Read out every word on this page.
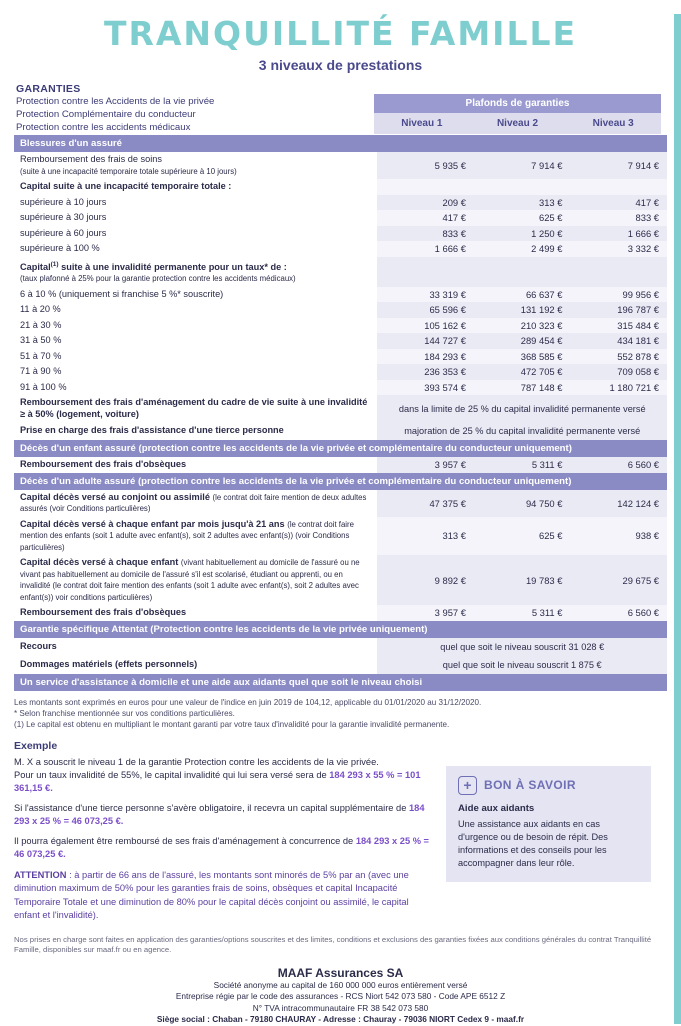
TRANQUILLITÉ FAMILLE
3 niveaux de prestations
GARANTIES
Protection contre les Accidents de la vie privée
Protection Complémentaire du conducteur
Protection contre les accidents médicaux
Plafonds de garanties
Niveau 1	Niveau 2	Niveau 3
Blessures d'un assuré			
Remboursement des frais de soins
(suite à une incapacité temporaire totale supérieure à 10 jours)	5 935 €	7 914 €	7 914 €
Capital suite à une incapacité temporaire totale :			
supérieure à 10 jours	209 €	313 €	417 €
supérieure à 30 jours	417 €	625 €	833 €
supérieure à 60 jours	833 €	1 250 €	1 666 €
supérieure à 100 %	1 666 €	2 499 €	3 332 €
Capital$^{(1)}$ suite à une invalidité permanente pour un taux* de :
(taux plafonné à 25% pour la garantie protection contre les accidents médicaux)			
6 à 10 % (uniquement si franchise 5 %* souscrite)	33 319 €	66 637 €	99 956 €
11 à 20 %	65 596 €	131 192 €	196 787 €
21 à 30 %	105 162 €	210 323 €	315 484 €
31 à 50 %	144 727 €	289 454 €	434 181 €
51 à 70 %	184 293 €	368 585 €	552 878 €
71 à 90 %	236 353 €	472 705 €	709 058 €
91 à 100 %	393 574 €	787 148 €	1 180 721 €
Remboursement des frais d'aménagement du cadre de vie suite à une invalidité ≥ à 50% (logement, voiture)	dans la limite de 25 % du capital invalidité permanente versé		
Prise en charge des frais d'assistance d'une tierce personne	majoration de 25 % du capital invalidité permanente versé		
Décès d'un enfant assuré (protection contre les accidents de la vie privée et complémentaire du conducteur uniquement)			
Remboursement des frais d'obsèques	3 957 €	5 311 €	6 560 €
Décès d'un adulte assuré (protection contre les accidents de la vie privée et complémentaire du conducteur uniquement)			
Capital décès versé au conjoint ou assimilé (le contrat doit faire mention de deux adultes assurés (voir Conditions particulières)	47 375 €	94 750 €	142 124 €
Capital décès versé à chaque enfant par mois jusqu'à 21 ans (le contrat doit faire mention des enfants (soit 1 adulte avec enfant(s), soit 2 adultes avec enfant(s)) (voir Conditions particulières)	313 €	625 €	938 €
Capital décès versé à chaque enfant (vivant habituellement au domicile de l'assuré ou ne vivant pas habituellement au domicile de l'assuré s'il est scolarisé, étudiant ou apprenti, ou en invalidité (le contrat doit faire mention des enfants (soit 1 adulte avec enfant(s), soit 2 adultes avec enfant(s)) voir conditions particulières)	9 892 €	19 783 €	29 675 €
Remboursement des frais d'obsèques	3 957 €	5 311 €	6 560 €
Garantie spécifique Attentat (Protection contre les accidents de la vie privée uniquement)			
Recours	quel que soit le niveau souscrit 31 028 €		
Dommages matériels (effets personnels)	quel que soit le niveau souscrit 1 875 €		
Un service d'assistance à domicile et une aide aux aidants quel que soit le niveau choisi			
Les montants sont exprimés en euros pour une valeur de l'indice en juin 2019 de 104,12, applicable du 01/01/2020 au 31/12/2020.
* Selon franchise mentionnée sur vos conditions particulières.
(1) Le capital est obtenu en multipliant le montant garanti par votre taux d'invalidité pour la garantie invalidité permanente.
Exemple
M. X a souscrit le niveau 1 de la garantie Protection contre les accidents de la vie privée.
Pour un taux invalidité de 55%, le capital invalidité qui lui sera versé sera de 184 293 x 55 % = 101 361,15 €.
Si l'assistance d'une tierce personne s'avère obligatoire, il recevra un capital supplémentaire de 184 293 x 25 % = 46 073,25 €.
Il pourra également être remboursé de ses frais d'aménagement à concurrence de 184 293 x 25 % = 46 073,25 €.
ATTENTION : à partir de 66 ans de l'assuré, les montants sont minorés de 5% par an (avec une diminution maximum de 50% pour les garanties frais de soins, obsèques et capital Incapacité Temporaire Totale et une diminution de 80% pour le capital décès conjoint ou assimilé, le capital enfant et l'invalidité).
+	BON À SAVOIR
Aide aux aidants
Une assistance aux aidants en cas d'urgence ou de besoin de répit. Des informations et des conseils pour les accompagner dans leur rôle.
Nos prises en charge sont faites en application des garanties/options souscrites et des limites, conditions et exclusions des garanties fixées aux conditions générales du contrat Tranquillité Famille, disponibles sur maaf.fr ou en agence.
MAAF Assurances SA
Société anonyme au capital de 160 000 000 euros entièrement versé
Entreprise régie par le code des assurances - RCS Niort 542 073 580 - Code APE 6512 Z
N° TVA intracommunautaire FR 38 542 073 580
Siège social : Chaban - 79180 CHAURAY - Adresse : Chauray - 79036 NIORT Cedex 9 - maaf.fr
